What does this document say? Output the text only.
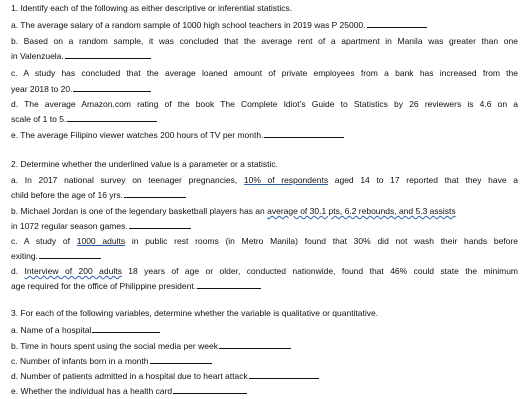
1. Identify each of the following as either descriptive or inferential statistics.
a. The average salary of a random sample of 1000 high school teachers in 2019 was P 25000.
b. Based on a random sample, it was concluded that the average rent of a apartment in Manila was greater than one
in Valenzuela.
c. A study has concluded that the average loaned amount of private employees from a bank has increased from the
year 2018 to 20.
d. The average Amazon.com rating of the book The Complete Idiot’s Guide to Statistics by 26 reviewers is 4.6 on a
scale of 1 to 5.
e. The average Filipino viewer watches 200 hours of TV per month.
2. Determine whether the underlined value is a parameter or a statistic.
a. In 2017 national survey on teenager pregnancies, 10% of respondents aged 14 to 17 reported that they have a
child before the age of 16 yrs.
b. Michael Jordan is one of the legendary basketball players has an average of 30.1 pts, 6.2 rebounds, and 5.3 assists
in 1072 regular season games.
c. A study of 1000 adults in public rest rooms (in Metro Manila) found that 30% did not wash their hands before
exiting.
d. Interview of 200 adults 18 years of age or older, conducted nationwide, found that 46% could state the minimum
age required for the office of Philippine president.
3. For each of the following variables, determine whether the variable is qualitative or quantitative.
a. Name of a hospital
b. Time in hours spent using the social media per week
c. Number of infants born in a month
d. Number of patients admitted in a hospital due to heart attack
e. Whether the individual has a health card
